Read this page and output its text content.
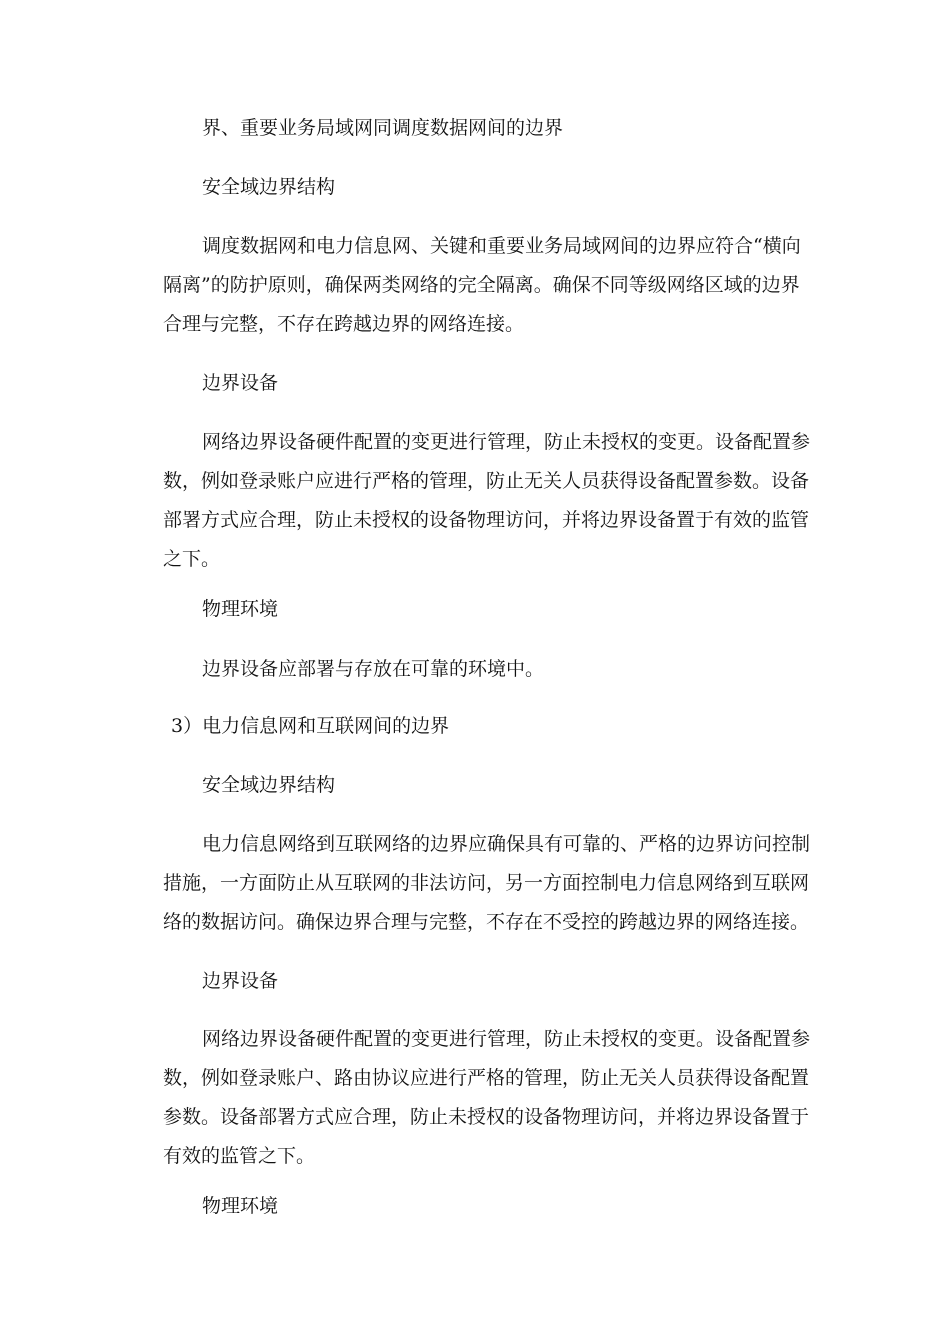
界、重要业务局域网同调度数据网间的边界
安全域边界结构
调度数据网和电力信息网、关键和重要业务局域网间的边界应符合“横向
隔离”的防护原则，确保两类网络的完全隔离。确保不同等级网络区域的边界
合理与完整，不存在跨越边界的网络连接。
边界设备
网络边界设备硬件配置的变更进行管理，防止未授权的变更。设备配置参
数，例如登录账户应进行严格的管理，防止无关人员获得设备配置参数。设备
部署方式应合理，防止未授权的设备物理访问，并将边界设备置于有效的监管
之下。
物理环境
边界设备应部署与存放在可靠的环境中。
3）电力信息网和互联网间的边界
安全域边界结构
电力信息网络到互联网络的边界应确保具有可靠的、严格的边界访问控制
措施，一方面防止从互联网的非法访问，另一方面控制电力信息网络到互联网
络的数据访问。确保边界合理与完整，不存在不受控的跨越边界的网络连接。
边界设备
网络边界设备硬件配置的变更进行管理，防止未授权的变更。设备配置参
数，例如登录账户、路由协议应进行严格的管理，防止无关人员获得设备配置
参数。设备部署方式应合理，防止未授权的设备物理访问，并将边界设备置于
有效的监管之下。
物理环境
